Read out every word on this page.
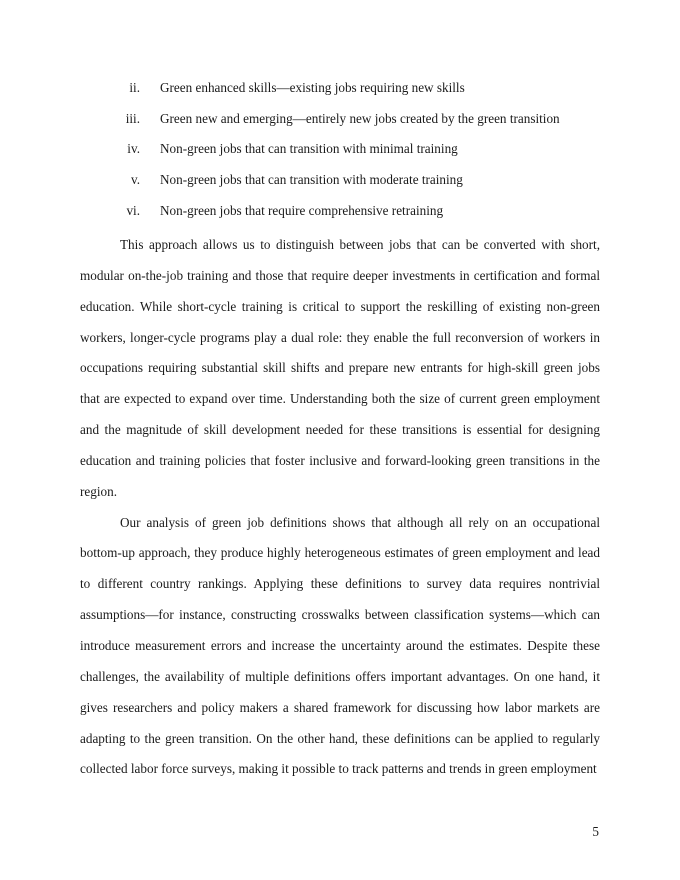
ii. Green enhanced skills—existing jobs requiring new skills
iii. Green new and emerging—entirely new jobs created by the green transition
iv. Non-green jobs that can transition with minimal training
v. Non-green jobs that can transition with moderate training
vi. Non-green jobs that require comprehensive retraining

This approach allows us to distinguish between jobs that can be converted with short, modular on-the-job training and those that require deeper investments in certification and formal education. While short-cycle training is critical to support the reskilling of existing non-green workers, longer-cycle programs play a dual role: they enable the full reconversion of workers in occupations requiring substantial skill shifts and prepare new entrants for high-skill green jobs that are expected to expand over time. Understanding both the size of current green employment and the magnitude of skill development needed for these transitions is essential for designing education and training policies that foster inclusive and forward-looking green transitions in the region.

Our analysis of green job definitions shows that although all rely on an occupational bottom-up approach, they produce highly heterogeneous estimates of green employment and lead to different country rankings. Applying these definitions to survey data requires nontrivial assumptions—for instance, constructing crosswalks between classification systems—which can introduce measurement errors and increase the uncertainty around the estimates. Despite these challenges, the availability of multiple definitions offers important advantages. On one hand, it gives researchers and policy makers a shared framework for discussing how labor markets are adapting to the green transition. On the other hand, these definitions can be applied to regularly collected labor force surveys, making it possible to track patterns and trends in green employment

5
